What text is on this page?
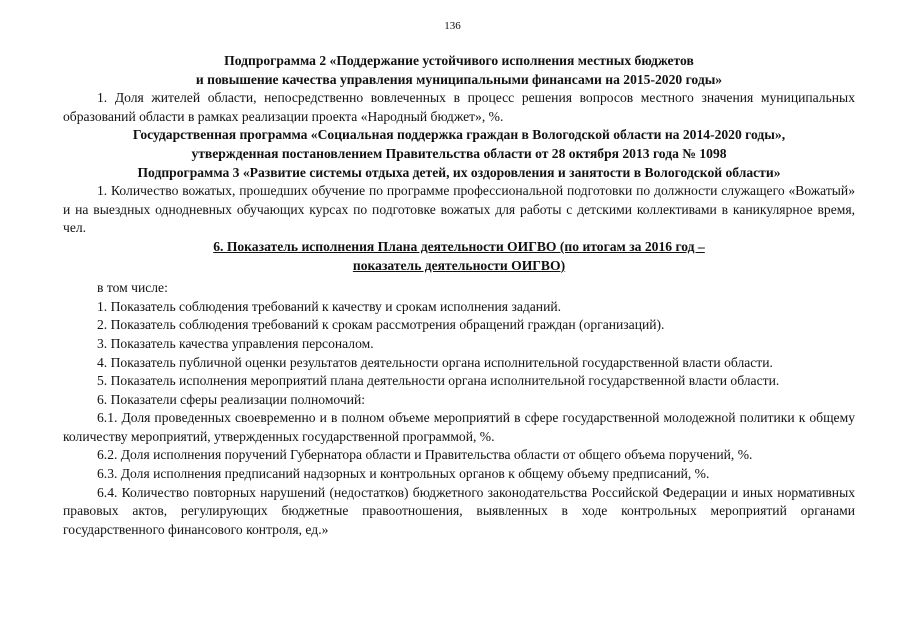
136

Подпрограмма 2 «Поддержание устойчивого исполнения местных бюджетов

и повышение качества управления муниципальными финансами на 2015-2020 годы»

1. Доля жителей области, непосредственно вовлеченных в процесс решения вопросов местного значения муниципальных образований области в рамках реализации проекта «Народный бюджет», %.

Государственная программа «Социальная поддержка граждан в Вологодской области на 2014-2020 годы»,

утвержденная постановлением Правительства области от 28 октября 2013 года № 1098

Подпрограмма 3 «Развитие системы отдыха детей, их оздоровления и занятости в Вологодской области»

1. Количество вожатых, прошедших обучение по программе профессиональной подготовки по должности служащего «Вожатый» и на выездных однодневных обучающих курсах по подготовке вожатых для работы с детскими коллективами в каникулярное время, чел.

6. Показатель исполнения Плана деятельности ОИГВО (по итогам за 2016 год –

показатель деятельности ОИГВО)

в том числе:

1. Показатель соблюдения требований к качеству и срокам исполнения заданий.

2. Показатель соблюдения требований к срокам рассмотрения обращений граждан (организаций).

3. Показатель качества управления персоналом.

4. Показатель публичной оценки результатов деятельности органа исполнительной государственной власти области.

5. Показатель исполнения мероприятий плана деятельности органа исполнительной государственной власти области.

6. Показатели сферы реализации полномочий:

6.1. Доля проведенных своевременно и в полном объеме мероприятий в сфере государственной молодежной политики к общему количеству мероприятий, утвержденных государственной программой, %.

6.2. Доля исполнения поручений Губернатора области и Правительства области от общего объема поручений, %.

6.3. Доля исполнения предписаний надзорных и контрольных органов к общему объему предписаний, %.

6.4. Количество повторных нарушений (недостатков) бюджетного законодательства Российской Федерации и иных нормативных правовых актов, регулирующих бюджетные правоотношения, выявленных в ходе контрольных мероприятий органами государственного финансового контроля, ед.»
